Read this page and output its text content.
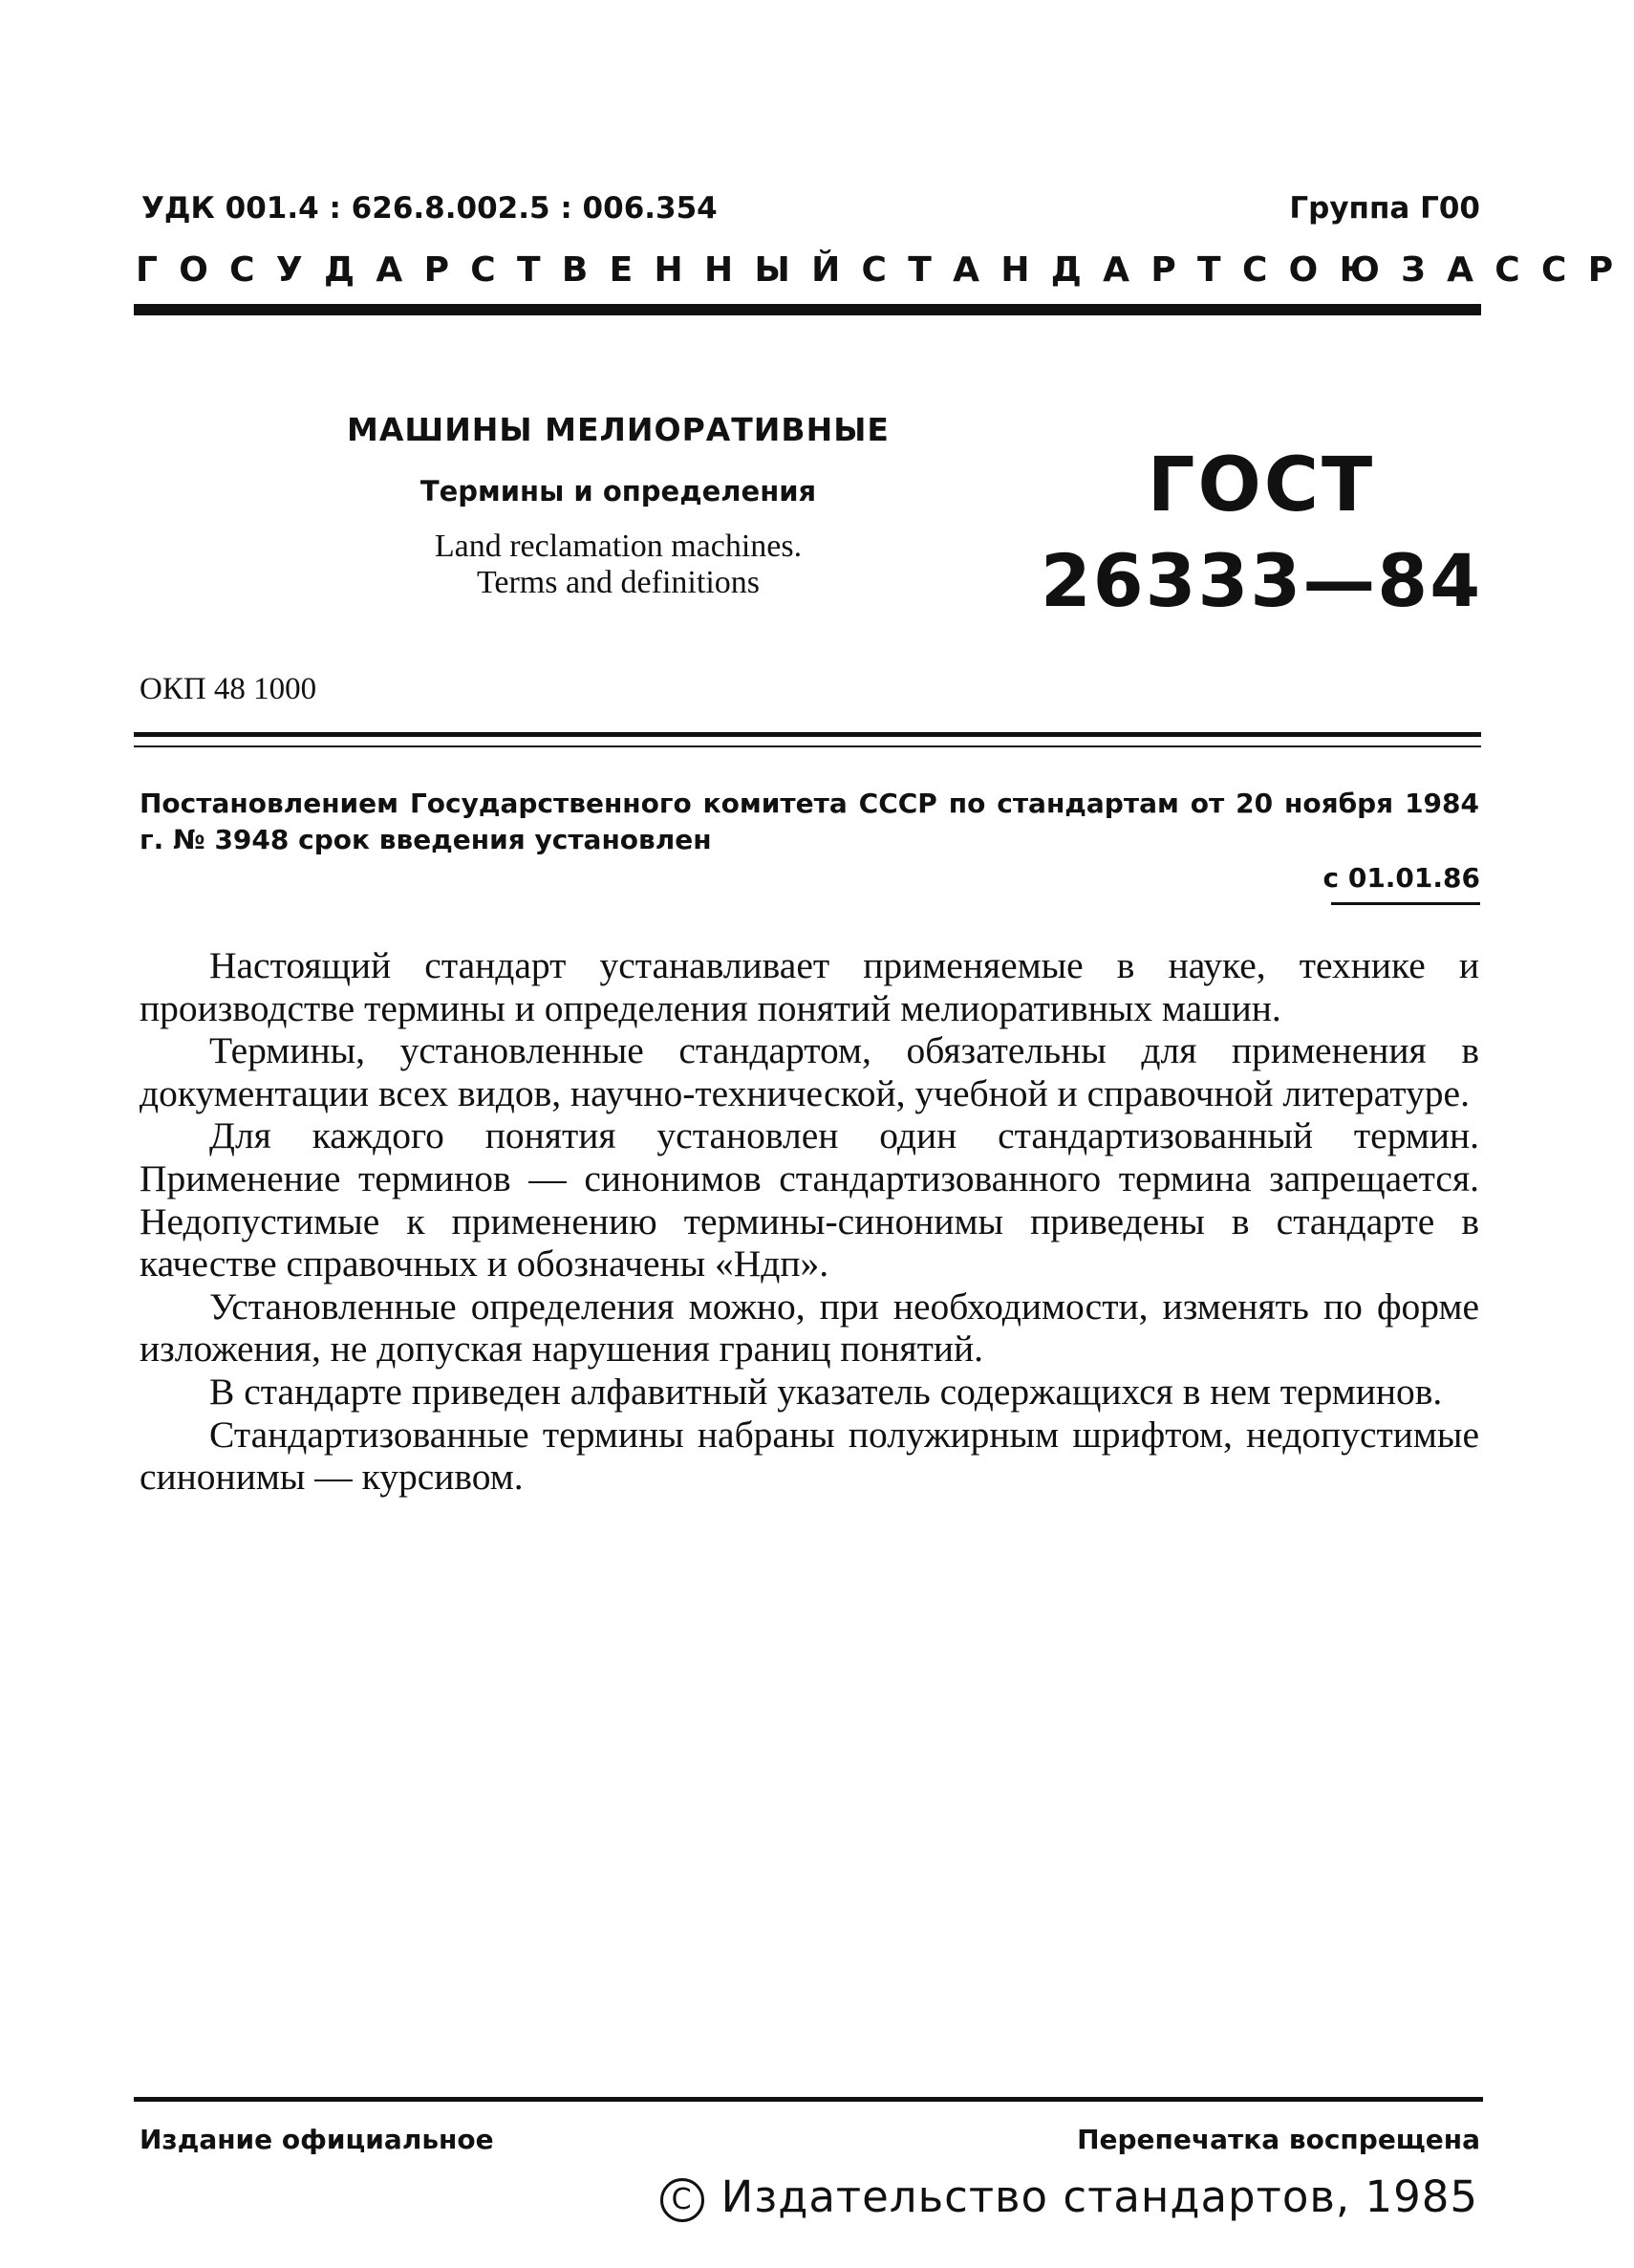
УДК 001.4 : 626.8.002.5 : 006.354	Группа Г00
ГОСУДАРСТВЕННЫЙ СТАНДАРТ СОЮЗА ССР
МАШИНЫ МЕЛИОРАТИВНЫЕ
Термины и определения
Land reclamation machines.
Terms and definitions
ГОСТ
26333—84
ОКП 48 1000
Постановлением Государственного комитета СССР по стандартам от 20 ноября 1984 г. № 3948 срок введения установлен
с 01.01.86

Настоящий стандарт устанавливает применяемые в науке, технике и производстве термины и определения понятий мелиоративных машин.

Термины, установленные стандартом, обязательны для применения в документации всех видов, научно-технической, учебной и справочной литературе.

Для каждого понятия установлен один стандартизованный термин. Применение терминов — синонимов стандартизованного термина запрещается. Недопустимые к применению термины-синонимы приведены в стандарте в качестве справочных и обозначены «Ндп».

Установленные определения можно, при необходимости, изменять по форме изложения, не допуская нарушения границ понятий.

В стандарте приведен алфавитный указатель содержащихся в нем терминов.

Стандартизованные термины набраны полужирным шрифтом, недопустимые синонимы — курсивом.

Издание официальное	Перепечатка воспрещена
C Издательство стандартов, 1985
